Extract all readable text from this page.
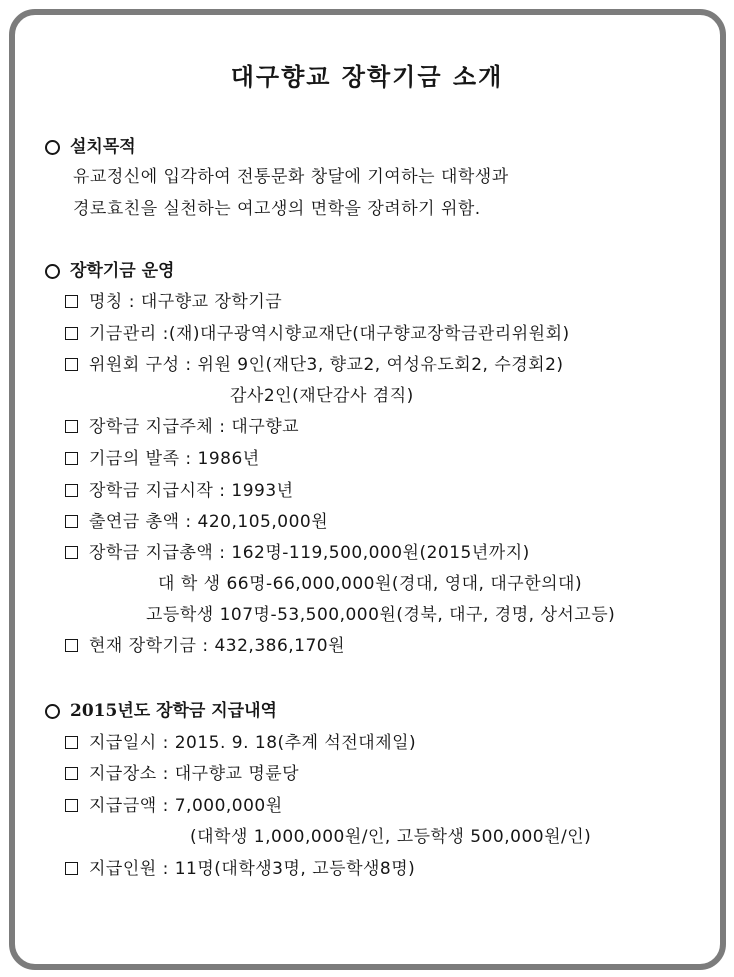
대구향교 장학기금 소개
설치목적
유교정신에 입각하여 전통문화 창달에 기여하는 대학생과
경로효친을 실천하는 여고생의 면학을 장려하기 위함.
장학기금 운영
명칭 : 대구향교 장학기금
기금관리 :(재)대구광역시향교재단(대구향교장학금관리위원회)
위원회 구성 : 위원 9인(재단3, 향교2, 여성유도회2, 수경회2)
감사2인(재단감사 겸직)
장학금 지급주체 : 대구향교
기금의 발족 : 1986년
장학금 지급시작 : 1993년
출연금 총액 : 420,105,000원
장학금 지급총액 : 162명-119,500,000원(2015년까지)
대 학 생 66명-66,000,000원(경대, 영대, 대구한의대)
고등학생 107명-53,500,000원(경북, 대구, 경명, 상서고등)
현재 장학기금 : 432,386,170원
2015년도 장학금 지급내역
지급일시 : 2015. 9. 18(추계 석전대제일)
지급장소 : 대구향교 명륜당
지급금액 : 7,000,000원
(대학생 1,000,000원/인, 고등학생 500,000원/인)
지급인원 : 11명(대학생3명, 고등학생8명)
